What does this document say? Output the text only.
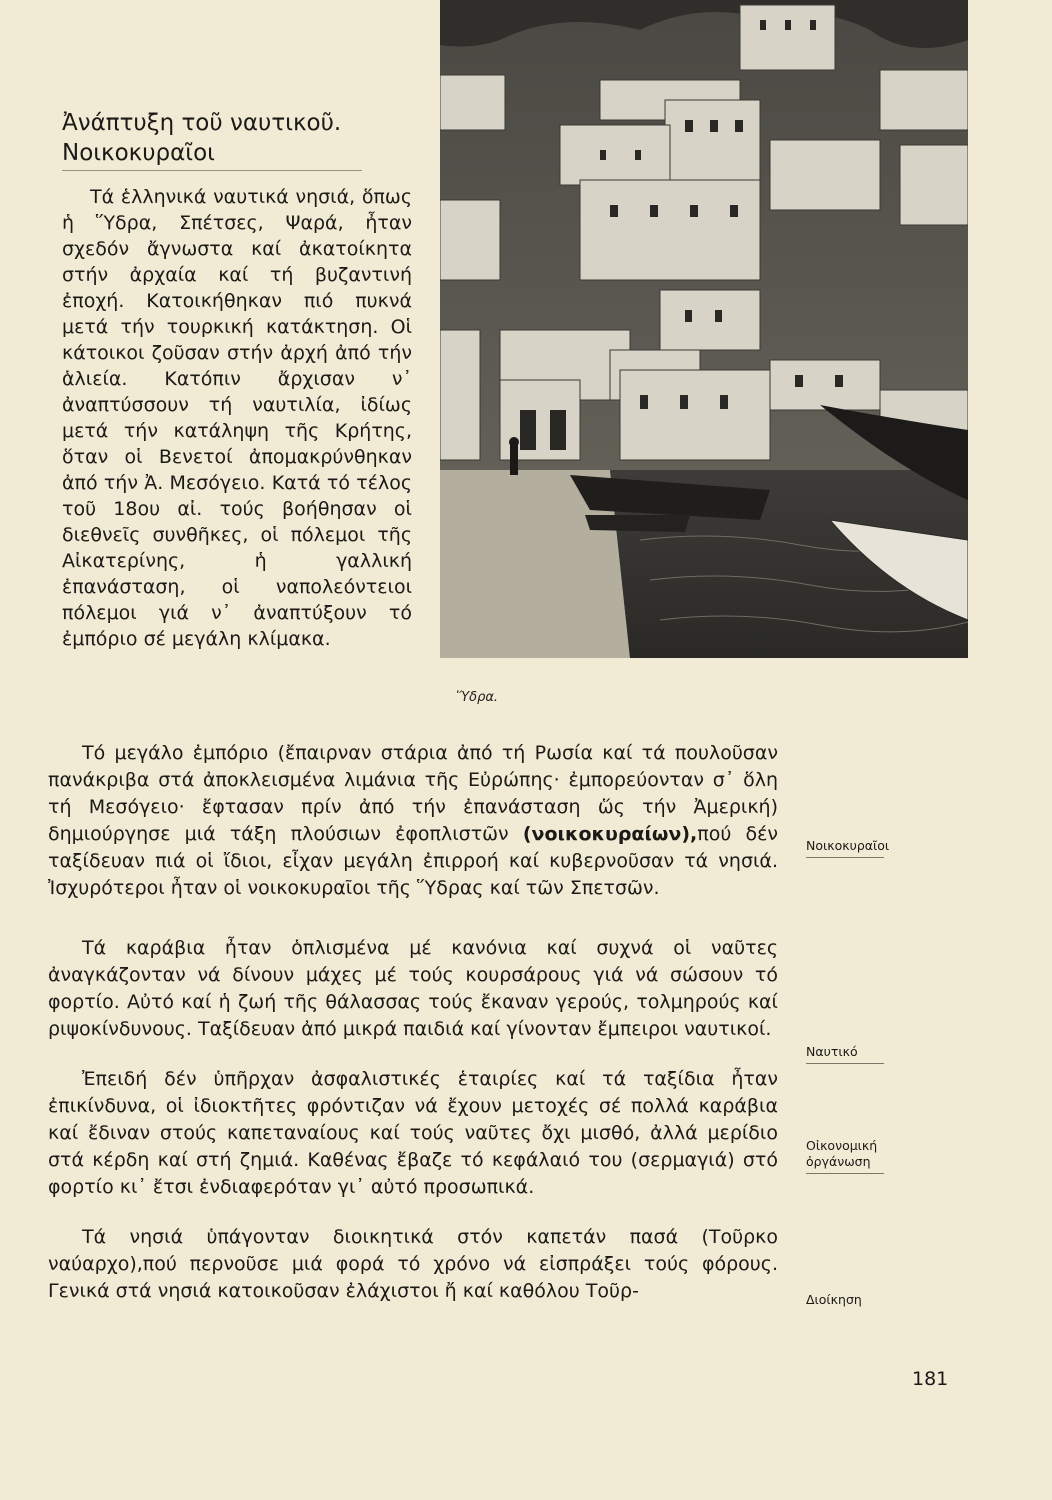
Ἀνάπτυξη τοῦ ναυτικοῦ.
Νοικοκυραῖοι

Τά ἑλληνικά ναυτικά νησιά, ὅπως ἡ Ὕδρα, Σπέτσες, Ψαρά, ἦταν σχεδόν ἄγνωστα καί ἀκατοίκητα στήν ἀρχαία καί τή βυζαντινή ἐποχή. Κατοικήθηκαν πιό πυκνά μετά τήν τουρκική κατάκτηση. Οἱ κάτοικοι ζοῦσαν στήν ἀρχή ἀπό τήν ἁλιεία. Κατόπιν ἄρχισαν ν᾽ ἀναπτύσσουν τή ναυτιλία, ἰδίως μετά τήν κατάληψη τῆς Κρήτης, ὅταν οἱ Βενετοί ἀπομακρύνθηκαν ἀπό τήν Ἀ. Μεσόγειο. Κατά τό τέλος τοῦ 18ου αἰ. τούς βοήθησαν οἱ διεθνεῖς συνθῆκες, οἱ πόλεμοι τῆς Αἰκατερίνης, ἡ γαλλική ἐπανάσταση, οἱ ναπολεόντειοι πόλεμοι γιά ν᾽ ἀναπτύξουν τό ἐμπόριο σέ μεγάλη κλίμακα.

Ὕδρα.

Τό μεγάλο ἐμπόριο (ἔπαιρναν στάρια ἀπό τή Ρωσία καί τά πουλοῦσαν πανάκριβα στά ἀποκλεισμένα λιμάνια τῆς Εὐρώπης· ἐμπορεύονταν σ᾽ ὅλη τή Μεσόγειο· ἔφτασαν πρίν ἀπό τήν ἐπανάσταση ὥς τήν Ἀμερική) δημιούργησε μιά τάξη πλούσιων ἐφοπλιστῶν (νοικοκυραίων),πού δέν ταξίδευαν πιά οἱ ἴδιοι, εἶχαν μεγάλη ἐπιρροή καί κυβερνοῦσαν τά νησιά. Ἰσχυρότεροι ἦταν οἱ νοικοκυραῖοι τῆς Ὕδρας καί τῶν Σπετσῶν.

Τά καράβια ἦταν ὁπλισμένα μέ κανόνια καί συχνά οἱ ναῦτες ἀναγκάζονταν νά δίνουν μάχες μέ τούς κουρσάρους γιά νά σώσουν τό φορτίο. Αὐτό καί ἡ ζωή τῆς θάλασσας τούς ἔκαναν γερούς, τολμηρούς καί ριψοκίνδυνους. Ταξίδευαν ἀπό μικρά παιδιά καί γίνονταν ἔμπειροι ναυτικοί.

Ἐπειδή δέν ὑπῆρχαν ἀσφαλιστικές ἑταιρίες καί τά ταξίδια ἦταν ἐπικίνδυνα, οἱ ἰδιοκτῆτες φρόντιζαν νά ἔχουν μετοχές σέ πολλά καράβια καί ἔδιναν στούς καπεταναίους καί τούς ναῦτες ὄχι μισθό, ἀλλά μερίδιο στά κέρδη καί στή ζημιά. Καθένας ἔβαζε τό κεφάλαιό του (σερμαγιά) στό φορτίο κι᾽ ἔτσι ἐνδιαφερόταν γι᾽ αὐτό προσωπικά.

Τά νησιά ὑπάγονταν διοικητικά στόν καπετάν πασά (Τοῦρκο ναύαρχο),πού περνοῦσε μιά φορά τό χρόνο νά εἰσπράξει τούς φόρους. Γενικά στά νησιά κατοικοῦσαν ἐλάχιστοι ἤ καί καθόλου Τοῦρ-

Νοικοκυραῖοι
Ναυτικό
Οἰκονομική
ὀργάνωση
Διοίκηση

181
